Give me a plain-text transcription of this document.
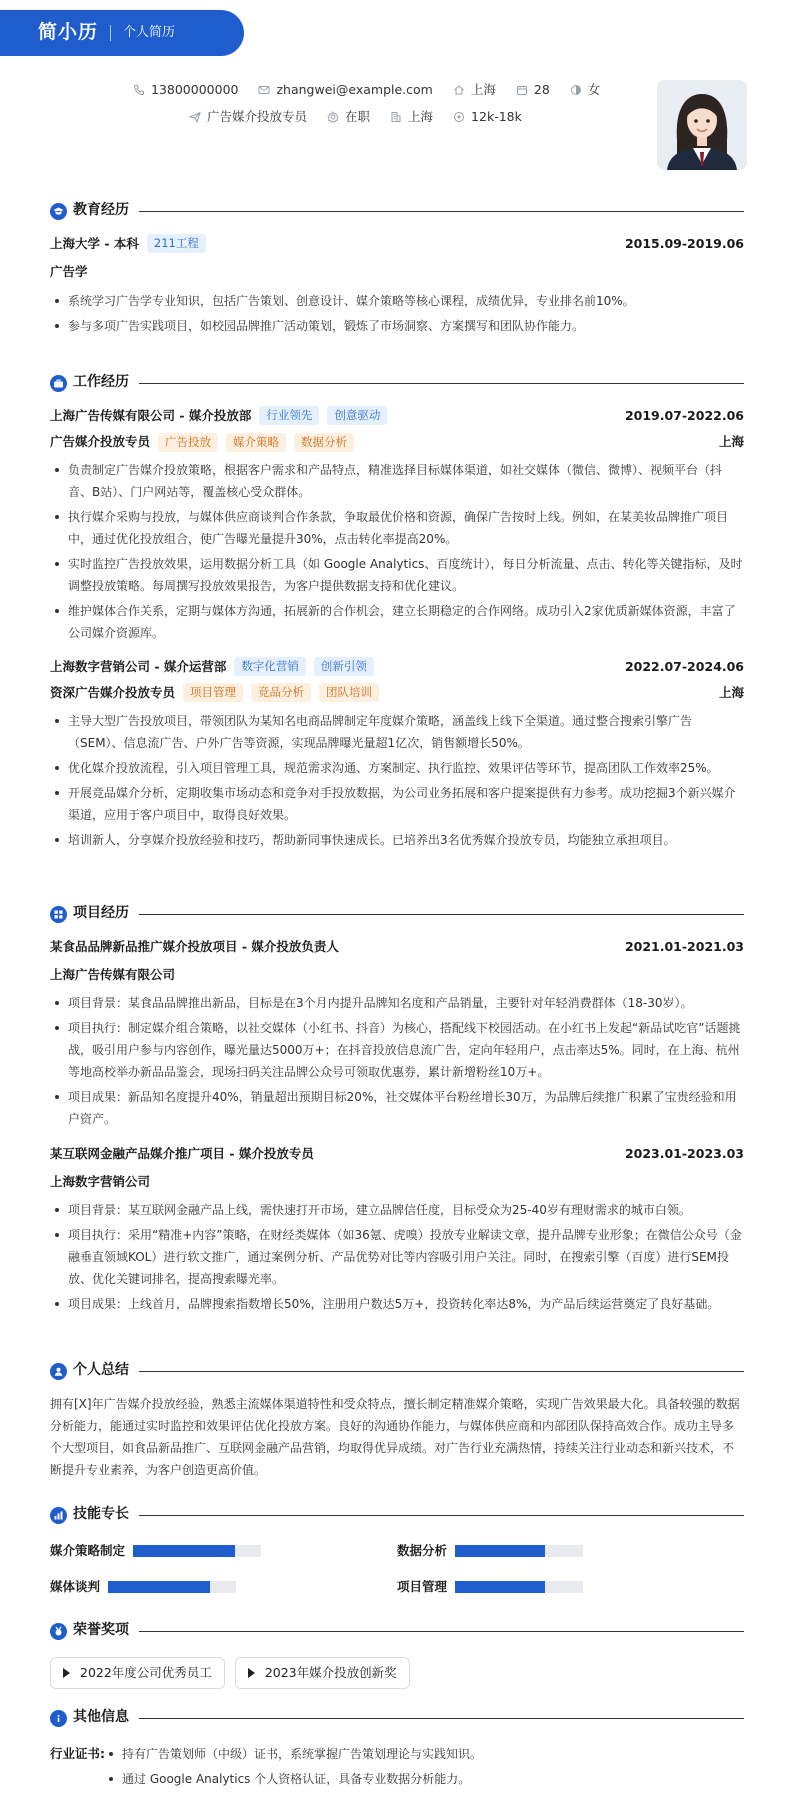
简小历 个人简历
13800000000	zhangwei@example.com	上海	28	女
广告媒介投放专员	在职	上海	12k-18k
教育经历
上海大学 - 本科	211工程	2015.09-2019.06
广告学
系统学习广告学专业知识，包括广告策划、创意设计、媒介策略等核心课程，成绩优异，专业排名前10%。
参与多项广告实践项目，如校园品牌推广活动策划，锻炼了市场洞察、方案撰写和团队协作能力。
工作经历
上海广告传媒有限公司 - 媒介投放部	行业领先	创意驱动	2019.07-2022.06
广告媒介投放专员	广告投放	媒介策略	数据分析	上海
负责制定广告媒介投放策略，根据客户需求和产品特点，精准选择目标媒体渠道，如社交媒体（微信、微博）、视频平台（抖音、B站）、门户网站等，覆盖核心受众群体。
执行媒介采购与投放，与媒体供应商谈判合作条款，争取最优价格和资源，确保广告按时上线。例如，在某美妆品牌推广项目中，通过优化投放组合，使广告曝光量提升30%，点击转化率提高20%。
实时监控广告投放效果，运用数据分析工具（如 Google Analytics、百度统计），每日分析流量、点击、转化等关键指标，及时调整投放策略。每周撰写投放效果报告，为客户提供数据支持和优化建议。
维护媒体合作关系，定期与媒体方沟通，拓展新的合作机会，建立长期稳定的合作网络。成功引入2家优质新媒体资源，丰富了公司媒介资源库。
上海数字营销公司 - 媒介运营部	数字化营销	创新引领	2022.07-2024.06
资深广告媒介投放专员	项目管理	竞品分析	团队培训	上海
主导大型广告投放项目，带领团队为某知名电商品牌制定年度媒介策略，涵盖线上线下全渠道。通过整合搜索引擎广告（SEM）、信息流广告、户外广告等资源，实现品牌曝光量超1亿次，销售额增长50%。
优化媒介投放流程，引入项目管理工具，规范需求沟通、方案制定、执行监控、效果评估等环节，提高团队工作效率25%。
开展竞品媒介分析，定期收集市场动态和竞争对手投放数据，为公司业务拓展和客户提案提供有力参考。成功挖掘3个新兴媒介渠道，应用于客户项目中，取得良好效果。
培训新人，分享媒介投放经验和技巧，帮助新同事快速成长。已培养出3名优秀媒介投放专员，均能独立承担项目。
项目经历
某食品品牌新品推广媒介投放项目 - 媒介投放负责人	2021.01-2021.03
上海广告传媒有限公司
项目背景：某食品品牌推出新品，目标是在3个月内提升品牌知名度和产品销量，主要针对年轻消费群体（18-30岁）。
项目执行：制定媒介组合策略，以社交媒体（小红书、抖音）为核心，搭配线下校园活动。在小红书上发起“新品试吃官”话题挑战，吸引用户参与内容创作，曝光量达5000万+；在抖音投放信息流广告，定向年轻用户，点击率达5%。同时，在上海、杭州等地高校举办新品品鉴会，现场扫码关注品牌公众号可领取优惠券，累计新增粉丝10万+。
项目成果：新品知名度提升40%，销量超出预期目标20%，社交媒体平台粉丝增长30万，为品牌后续推广积累了宝贵经验和用户资产。
某互联网金融产品媒介推广项目 - 媒介投放专员	2023.01-2023.03
上海数字营销公司
项目背景：某互联网金融产品上线，需快速打开市场，建立品牌信任度，目标受众为25-40岁有理财需求的城市白领。
项目执行：采用“精准+内容”策略，在财经类媒体（如36氪、虎嗅）投放专业解读文章，提升品牌专业形象；在微信公众号（金融垂直领域KOL）进行软文推广，通过案例分析、产品优势对比等内容吸引用户关注。同时，在搜索引擎（百度）进行SEM投放、优化关键词排名，提高搜索曝光率。
项目成果：上线首月，品牌搜索指数增长50%，注册用户数达5万+，投资转化率达8%，为产品后续运营奠定了良好基础。
个人总结
拥有[X]年广告媒介投放经验，熟悉主流媒体渠道特性和受众特点，擅长制定精准媒介策略，实现广告效果最大化。具备较强的数据分析能力，能通过实时监控和效果评估优化投放方案。良好的沟通协作能力，与媒体供应商和内部团队保持高效合作。成功主导多个大型项目，如食品新品推广、互联网金融产品营销，均取得优异成绩。对广告行业充满热情，持续关注行业动态和新兴技术，不断提升专业素养，为客户创造更高价值。
技能专长
媒介策略制定	数据分析
媒体谈判	项目管理
荣誉奖项
2022年度公司优秀员工	2023年媒介投放创新奖
其他信息
行业证书:	持有广告策划师（中级）证书，系统掌握广告策划理论与实践知识。
通过 Google Analytics 个人资格认证，具备专业数据分析能力。
